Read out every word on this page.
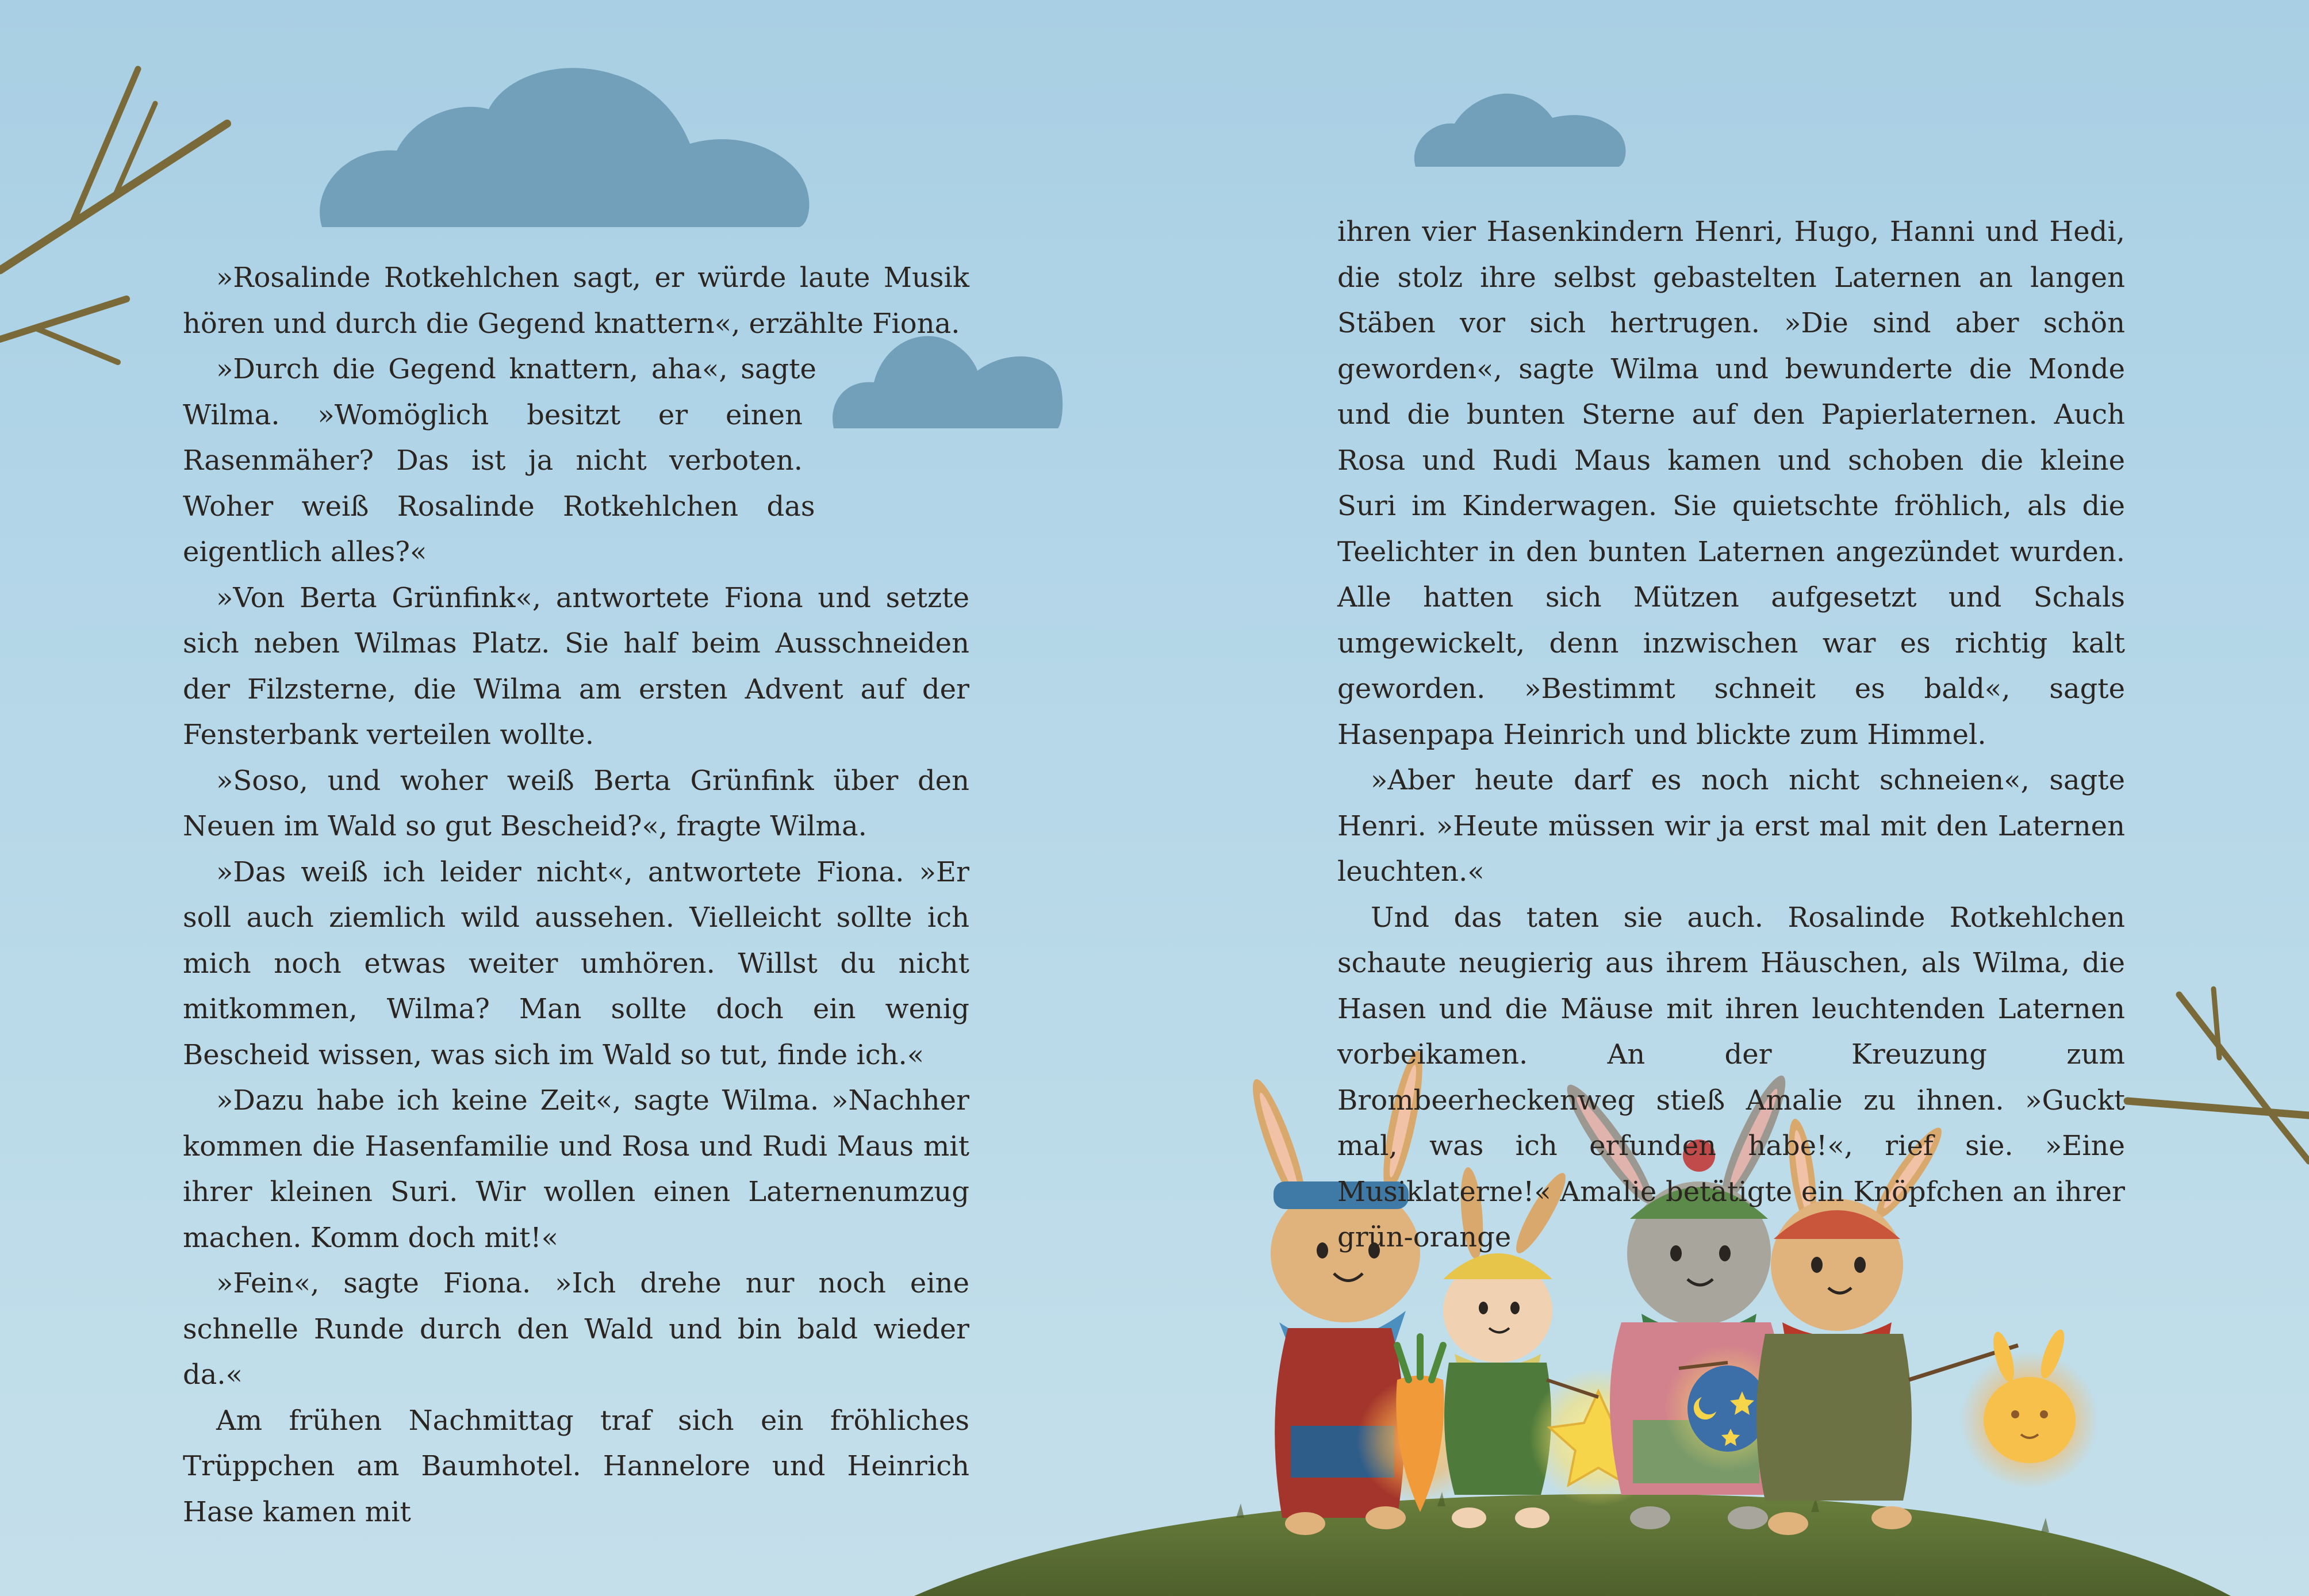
»Rosalinde Rotkehlchen sagt, er würde laute Musik hören und durch die Gegend knattern«, erzählte Fiona.

»Durch die Gegend knattern, aha«, sagte Wilma. »Womöglich besitzt er einen Rasenmäher? Das ist ja nicht verboten. Woher weiß Rosalinde Rotkehlchen das eigentlich alles?«

»Von Berta Grünfink«, antwortete Fiona und setzte sich neben Wilmas Platz. Sie half beim Ausschneiden der Filzsterne, die Wilma am ersten Advent auf der Fensterbank verteilen wollte.

»Soso, und woher weiß Berta Grünfink über den Neuen im Wald so gut Bescheid?«, fragte Wilma.

»Das weiß ich leider nicht«, antwortete Fiona. »Er soll auch ziemlich wild aussehen. Vielleicht sollte ich mich noch etwas weiter umhören. Willst du nicht mitkommen, Wilma? Man sollte doch ein wenig Bescheid wissen, was sich im Wald so tut, finde ich.«

»Dazu habe ich keine Zeit«, sagte Wilma. »Nachher kommen die Hasenfamilie und Rosa und Rudi Maus mit ihrer kleinen Suri. Wir wollen einen Laternenumzug machen. Komm doch mit!«

»Fein«, sagte Fiona. »Ich drehe nur noch eine schnelle Runde durch den Wald und bin bald wieder da.«

Am frühen Nachmittag traf sich ein fröhliches Trüppchen am Baumhotel. Hannelore und Heinrich Hase kamen mit

ihren vier Hasenkindern Henri, Hugo, Hanni und Hedi, die stolz ihre selbst gebastelten Laternen an langen Stäben vor sich hertrugen. »Die sind aber schön geworden«, sagte Wilma und bewunderte die Monde und die bunten Sterne auf den Papierlaternen. Auch Rosa und Rudi Maus kamen und schoben die kleine Suri im Kinderwagen. Sie quietschte fröhlich, als die Teelichter in den bunten Laternen angezündet wurden. Alle hatten sich Mützen aufgesetzt und Schals umgewickelt, denn inzwischen war es richtig kalt geworden. »Bestimmt schneit es bald«, sagte Hasenpapa Heinrich und blickte zum Himmel.

»Aber heute darf es noch nicht schneien«, sagte Henri. »Heute müssen wir ja erst mal mit den Laternen leuchten.«

Und das taten sie auch. Rosalinde Rotkehlchen schaute neugierig aus ihrem Häuschen, als Wilma, die Hasen und die Mäuse mit ihren leuchtenden Laternen vorbeikamen. An der Kreuzung zum Brombeerheckenweg stieß Amalie zu ihnen. »Guckt mal, was ich erfunden habe!«, rief sie. »Eine Musiklaterne!« Amalie betätigte ein Knöpfchen an ihrer grün-orange
